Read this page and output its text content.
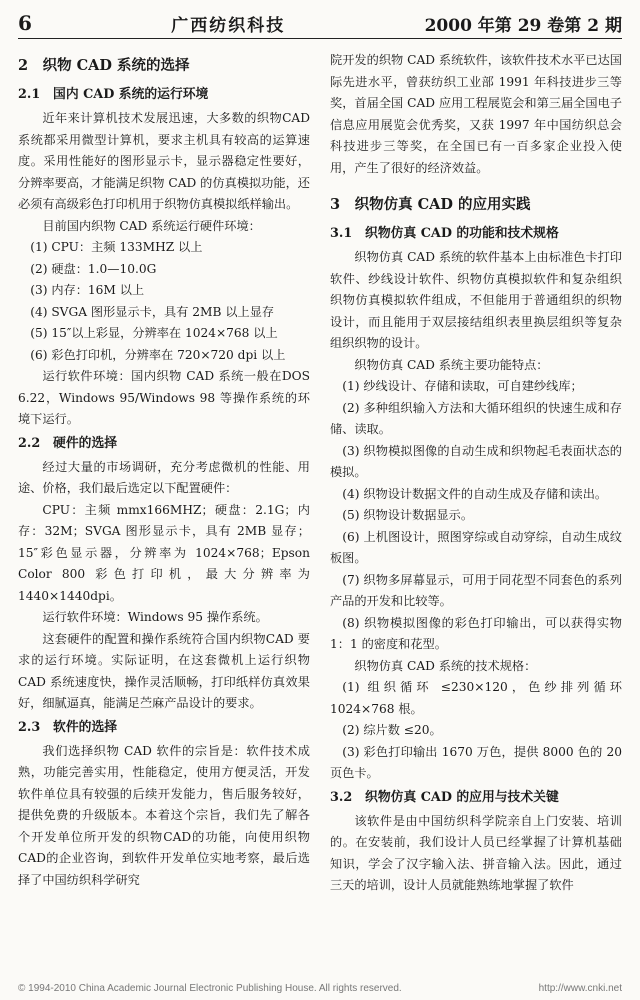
6	广西纺织科技	2000 年第 29 卷第 2 期
2　织物 CAD 系统的选择
2.1　国内 CAD 系统的运行环境

近年来计算机技术发展迅速，大多数的织物CAD 系统都采用微型计算机，要求主机具有较高的运算速度。采用性能好的图形显示卡，显示器稳定性要好，分辨率要高，才能满足织物 CAD 的仿真模拟功能，还必须有高级彩色打印机用于织物仿真模拟纸样输出。

目前国内织物 CAD 系统运行硬件环境：

(1) CPU：主频 133MHZ 以上

(2) 硬盘：1.0—10.0G

(3) 内存：16M 以上

(4) SVGA 图形显示卡，具有 2MB 以上显存

(5) 15″以上彩显，分辨率在 1024×768 以上

(6) 彩色打印机，分辨率在 720×720 dpi 以上

运行软件环境：国内织物 CAD 系统一般在DOS 6.22，Windows 95/Windows 98 等操作系统的环境下运行。

2.2　硬件的选择

经过大量的市场调研，充分考虑微机的性能、用途、价格，我们最后选定以下配置硬件：

CPU：主频 mmx166MHZ；硬盘：2.1G；内存：32M；SVGA 图形显示卡，具有 2MB 显存；15″彩色显示器，分辨率为 1024×768；Epson Color 800 彩色打印机，最大分辨率为 1440×1440dpi。

运行软件环境：Windows 95 操作系统。

这套硬件的配置和操作系统符合国内织物CAD 要求的运行环境。实际证明，在这套微机上运行织物 CAD 系统速度快，操作灵活顺畅，打印纸样仿真效果好，细腻逼真，能满足苎麻产品设计的要求。

2.3　软件的选择

我们选择织物 CAD 软件的宗旨是：软件技术成熟，功能完善实用，性能稳定，使用方便灵活，开发软件单位具有较强的后续开发能力，售后服务较好，提供免费的升级版本。本着这个宗旨，我们先了解各个开发单位所开发的织物CAD的功能，向使用织物CAD的企业咨询，到软件开发单位实地考察，最后选择了中国纺织科学研究

院开发的织物 CAD 系统软件，该软件技术水平已达国际先进水平，曾获纺织工业部 1991 年科技进步三等奖，首届全国 CAD 应用工程展览会和第三届全国电子信息应用展览会优秀奖，又获 1997 年中国纺织总会科技进步三等奖，在全国已有一百多家企业投入使用，产生了很好的经济效益。

3　织物仿真 CAD 的应用实践
3.1　织物仿真 CAD 的功能和技术规格

织物仿真 CAD 系统的软件基本上由标准色卡打印软件、纱线设计软件、织物仿真模拟软件和复杂组织织物仿真模拟软件组成，不但能用于普通组织的织物设计，而且能用于双层接结组织表里换层组织等复杂组织织物的设计。

织物仿真 CAD 系统主要功能特点：

(1) 纱线设计、存储和读取，可自建纱线库；

(2) 多种组织输入方法和大循环组织的快速生成和存储、读取。

(3) 织物模拟图像的自动生成和织物起毛表面状态的模拟。

(4) 织物设计数据文件的自动生成及存储和读出。

(5) 织物设计数据显示。

(6) 上机图设计，照图穿综或自动穿综，自动生成纹板图。

(7) 织物多屏幕显示，可用于同花型不同套色的系列产品的开发和比较等。

(8) 织物模拟图像的彩色打印输出，可以获得实物 1：1 的密度和花型。

织物仿真 CAD 系统的技术规格：

(1) 组织循环 ≤230×120，色纱排列循环1024×768 根。

(2) 综片数 ≤20。

(3) 彩色打印输出 1670 万色，提供 8000 色的 20 页色卡。

3.2　织物仿真 CAD 的应用与技术关键

该软件是由中国纺织科学院亲自上门安装、培训的。在安装前，我们设计人员已经掌握了计算机基础知识，学会了汉字输入法、拼音输入法。因此，通过三天的培训，设计人员就能熟练地掌握了软件

© 1994-2010 China Academic Journal Electronic Publishing House. All rights reserved.	http://www.cnki.net
